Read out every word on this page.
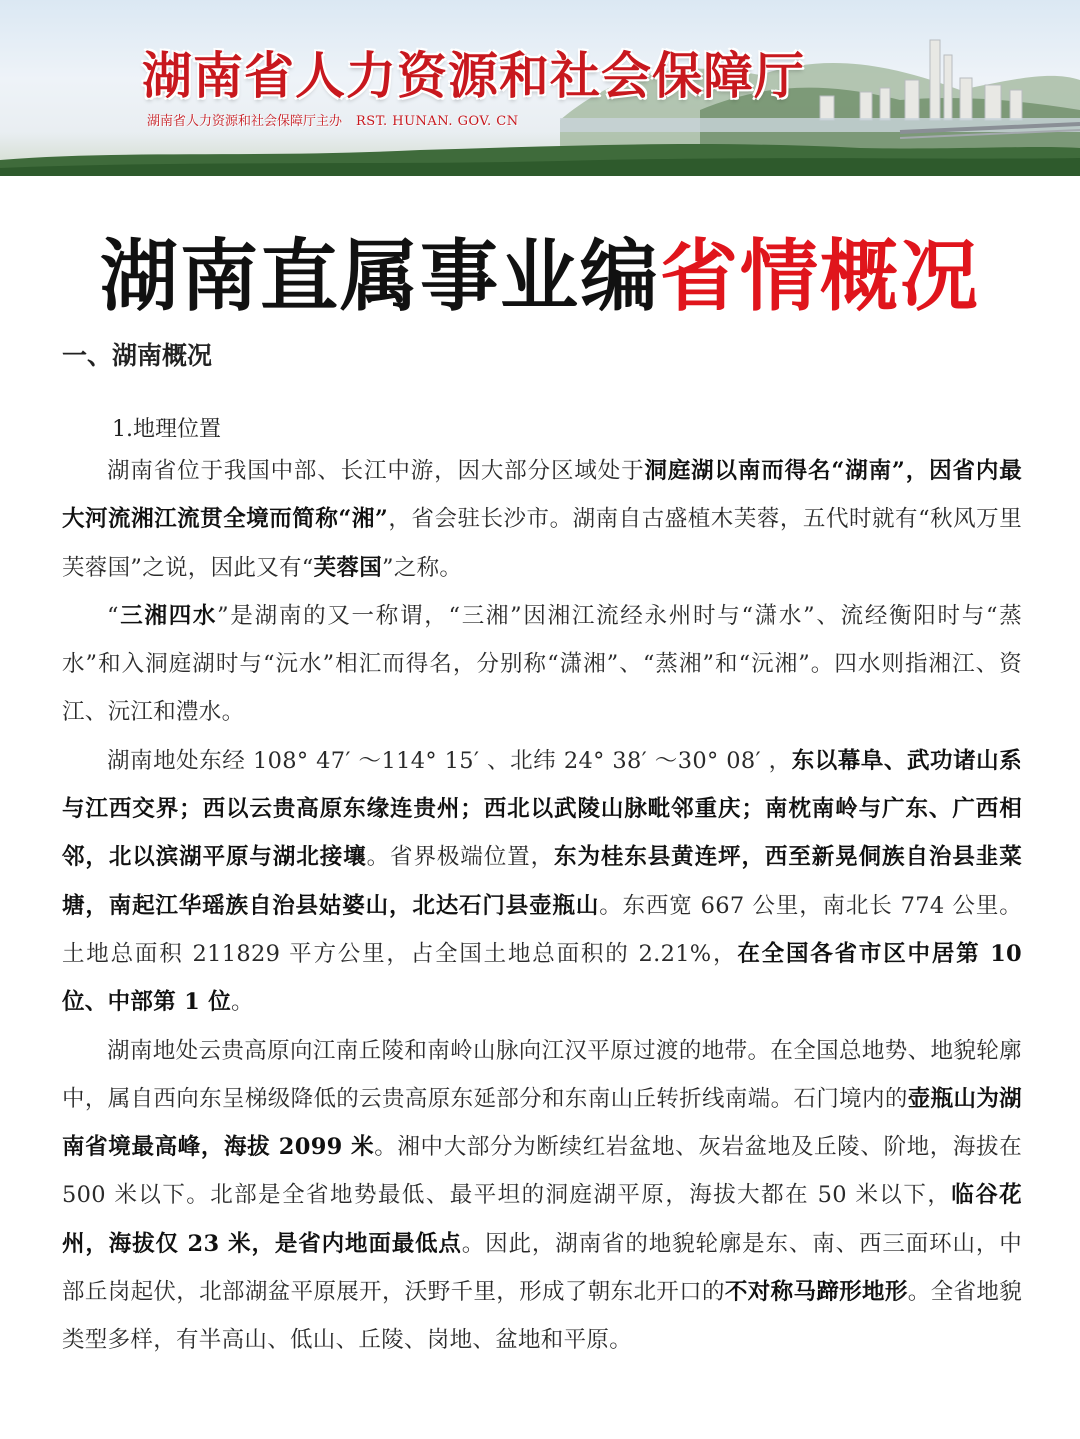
湖南省人力资源和社会保障厅
湖南省人力资源和社会保障厅主办 RST. HUNAN. GOV. CN
湖南直属事业编省情概况
一、湖南概况
1.地理位置

湖南省位于我国中部、长江中游，因大部分区域处于洞庭湖以南而得名“湖南”，因省内最大河流湘江流贯全境而简称“湘”，省会驻长沙市。湖南自古盛植木芙蓉，五代时就有“秋风万里芙蓉国”之说，因此又有“芙蓉国”之称。

“三湘四水”是湖南的又一称谓，“三湘”因湘江流经永州时与“潇水”、流经衡阳时与“蒸水”和入洞庭湖时与“沅水”相汇而得名，分别称“潇湘”、“蒸湘”和“沅湘”。四水则指湘江、资江、沅江和澧水。

湖南地处东经 108° 47′ ～114° 15′ 、北纬 24° 38′ ～30° 08′ ，东以幕阜、武功诸山系与江西交界；西以云贵高原东缘连贵州；西北以武陵山脉毗邻重庆；南枕南岭与广东、广西相邻，北以滨湖平原与湖北接壤。省界极端位置，东为桂东县黄连坪，西至新晃侗族自治县韭菜塘，南起江华瑶族自治县姑婆山，北达石门县壶瓶山。东西宽 667 公里，南北长 774 公里。土地总面积 211829 平方公里，占全国土地总面积的 2.21%，在全国各省市区中居第 10 位、中部第 1 位。

湖南地处云贵高原向江南丘陵和南岭山脉向江汉平原过渡的地带。在全国总地势、地貌轮廓中，属自西向东呈梯级降低的云贵高原东延部分和东南山丘转折线南端。石门境内的壶瓶山为湖南省境最高峰，海拔 2099 米。湘中大部分为断续红岩盆地、灰岩盆地及丘陵、阶地，海拔在 500 米以下。北部是全省地势最低、最平坦的洞庭湖平原，海拔大都在 50 米以下，临谷花州，海拔仅 23 米，是省内地面最低点。因此，湖南省的地貌轮廓是东、南、西三面环山，中部丘岗起伏，北部湖盆平原展开，沃野千里，形成了朝东北开口的不对称马蹄形地形。全省地貌类型多样，有半高山、低山、丘陵、岗地、盆地和平原。
